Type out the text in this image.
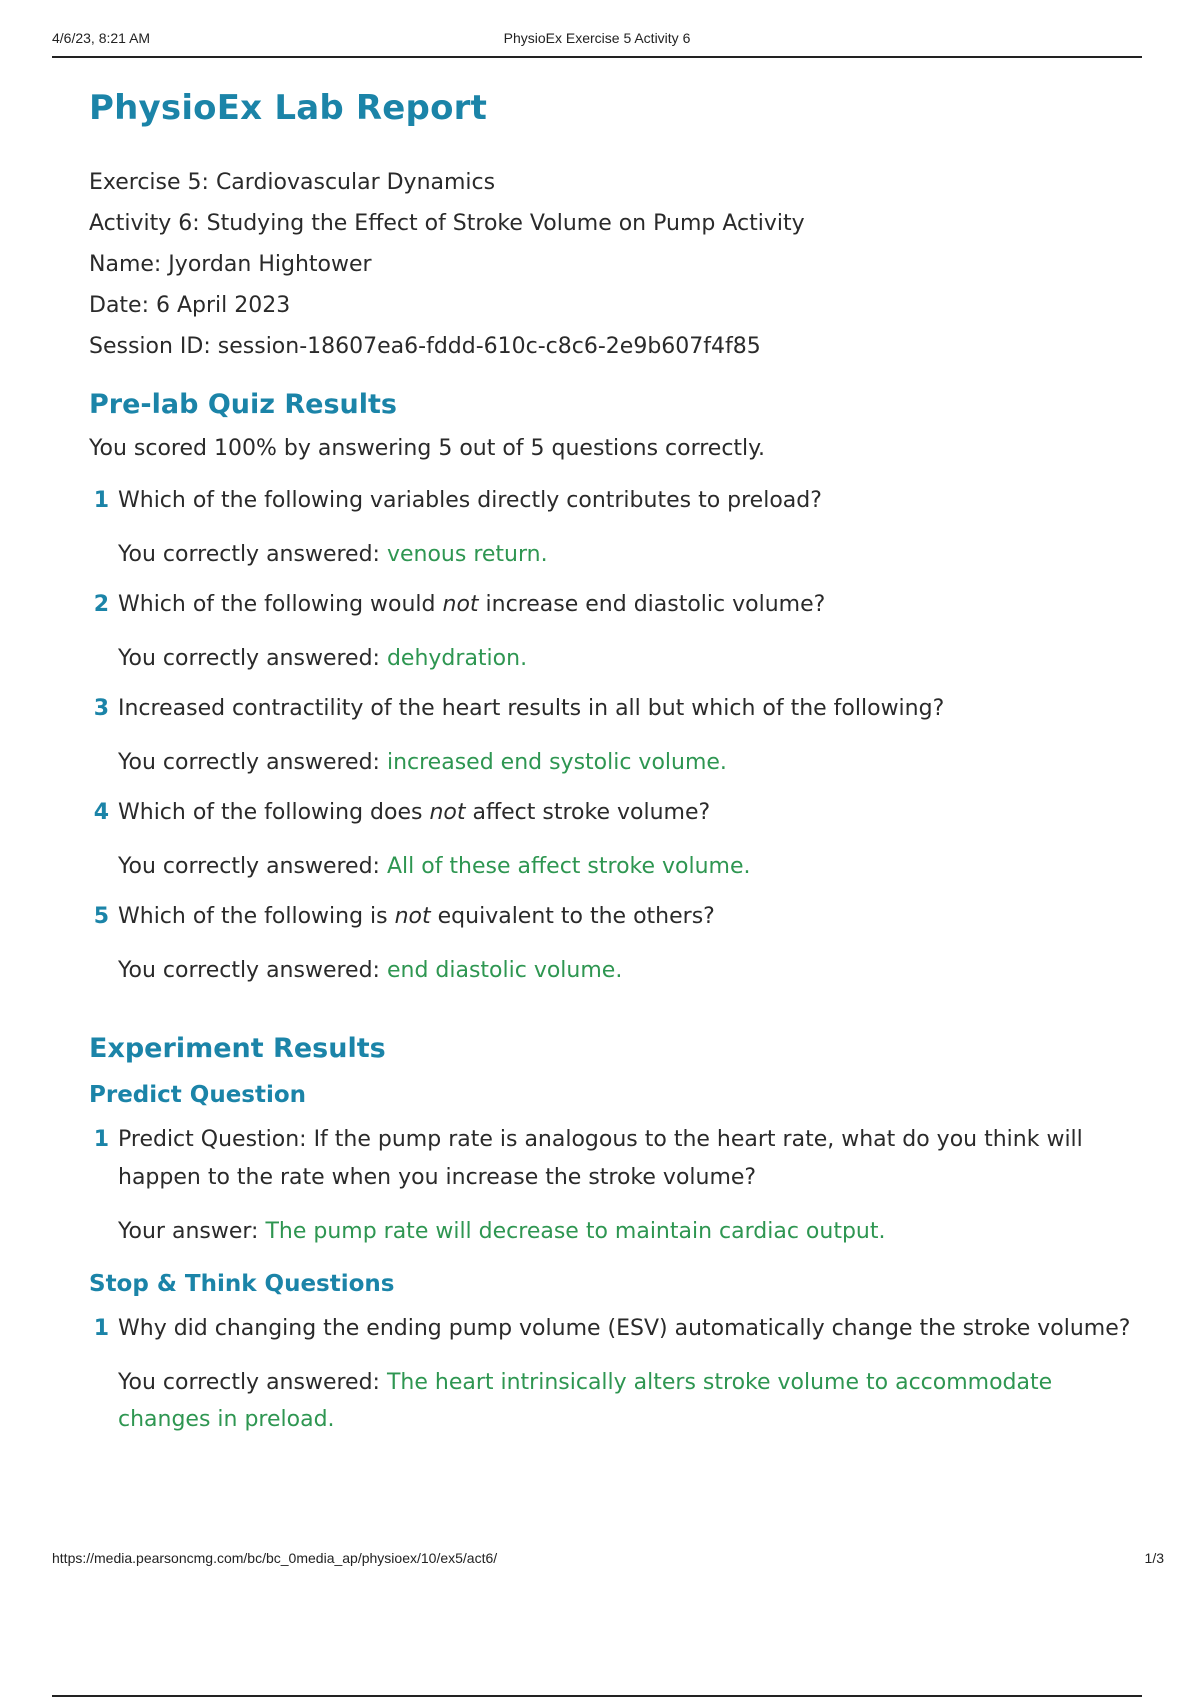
4/6/23, 8:21 AM	PhysioEx Exercise 5 Activity 6
PhysioEx Lab Report
Exercise 5: Cardiovascular Dynamics
Activity 6: Studying the Effect of Stroke Volume on Pump Activity
Name: Jyordan Hightower
Date: 6 April 2023
Session ID: session-18607ea6-fddd-610c-c8c6-2e9b607f4f85
Pre-lab Quiz Results
You scored 100% by answering 5 out of 5 questions correctly.
1 Which of the following variables directly contributes to preload?
You correctly answered: venous return.
2 Which of the following would not increase end diastolic volume?
You correctly answered: dehydration.
3 Increased contractility of the heart results in all but which of the following?
You correctly answered: increased end systolic volume.
4 Which of the following does not affect stroke volume?
You correctly answered: All of these affect stroke volume.
5 Which of the following is not equivalent to the others?
You correctly answered: end diastolic volume.
Experiment Results
Predict Question
1 Predict Question: If the pump rate is analogous to the heart rate, what do you think will happen to the rate when you increase the stroke volume?
Your answer: The pump rate will decrease to maintain cardiac output.
Stop & Think Questions
1 Why did changing the ending pump volume (ESV) automatically change the stroke volume?
You correctly answered: The heart intrinsically alters stroke volume to accommodate changes in preload.
https://media.pearsoncmg.com/bc/bc_0media_ap/physioex/10/ex5/act6/	1/3
